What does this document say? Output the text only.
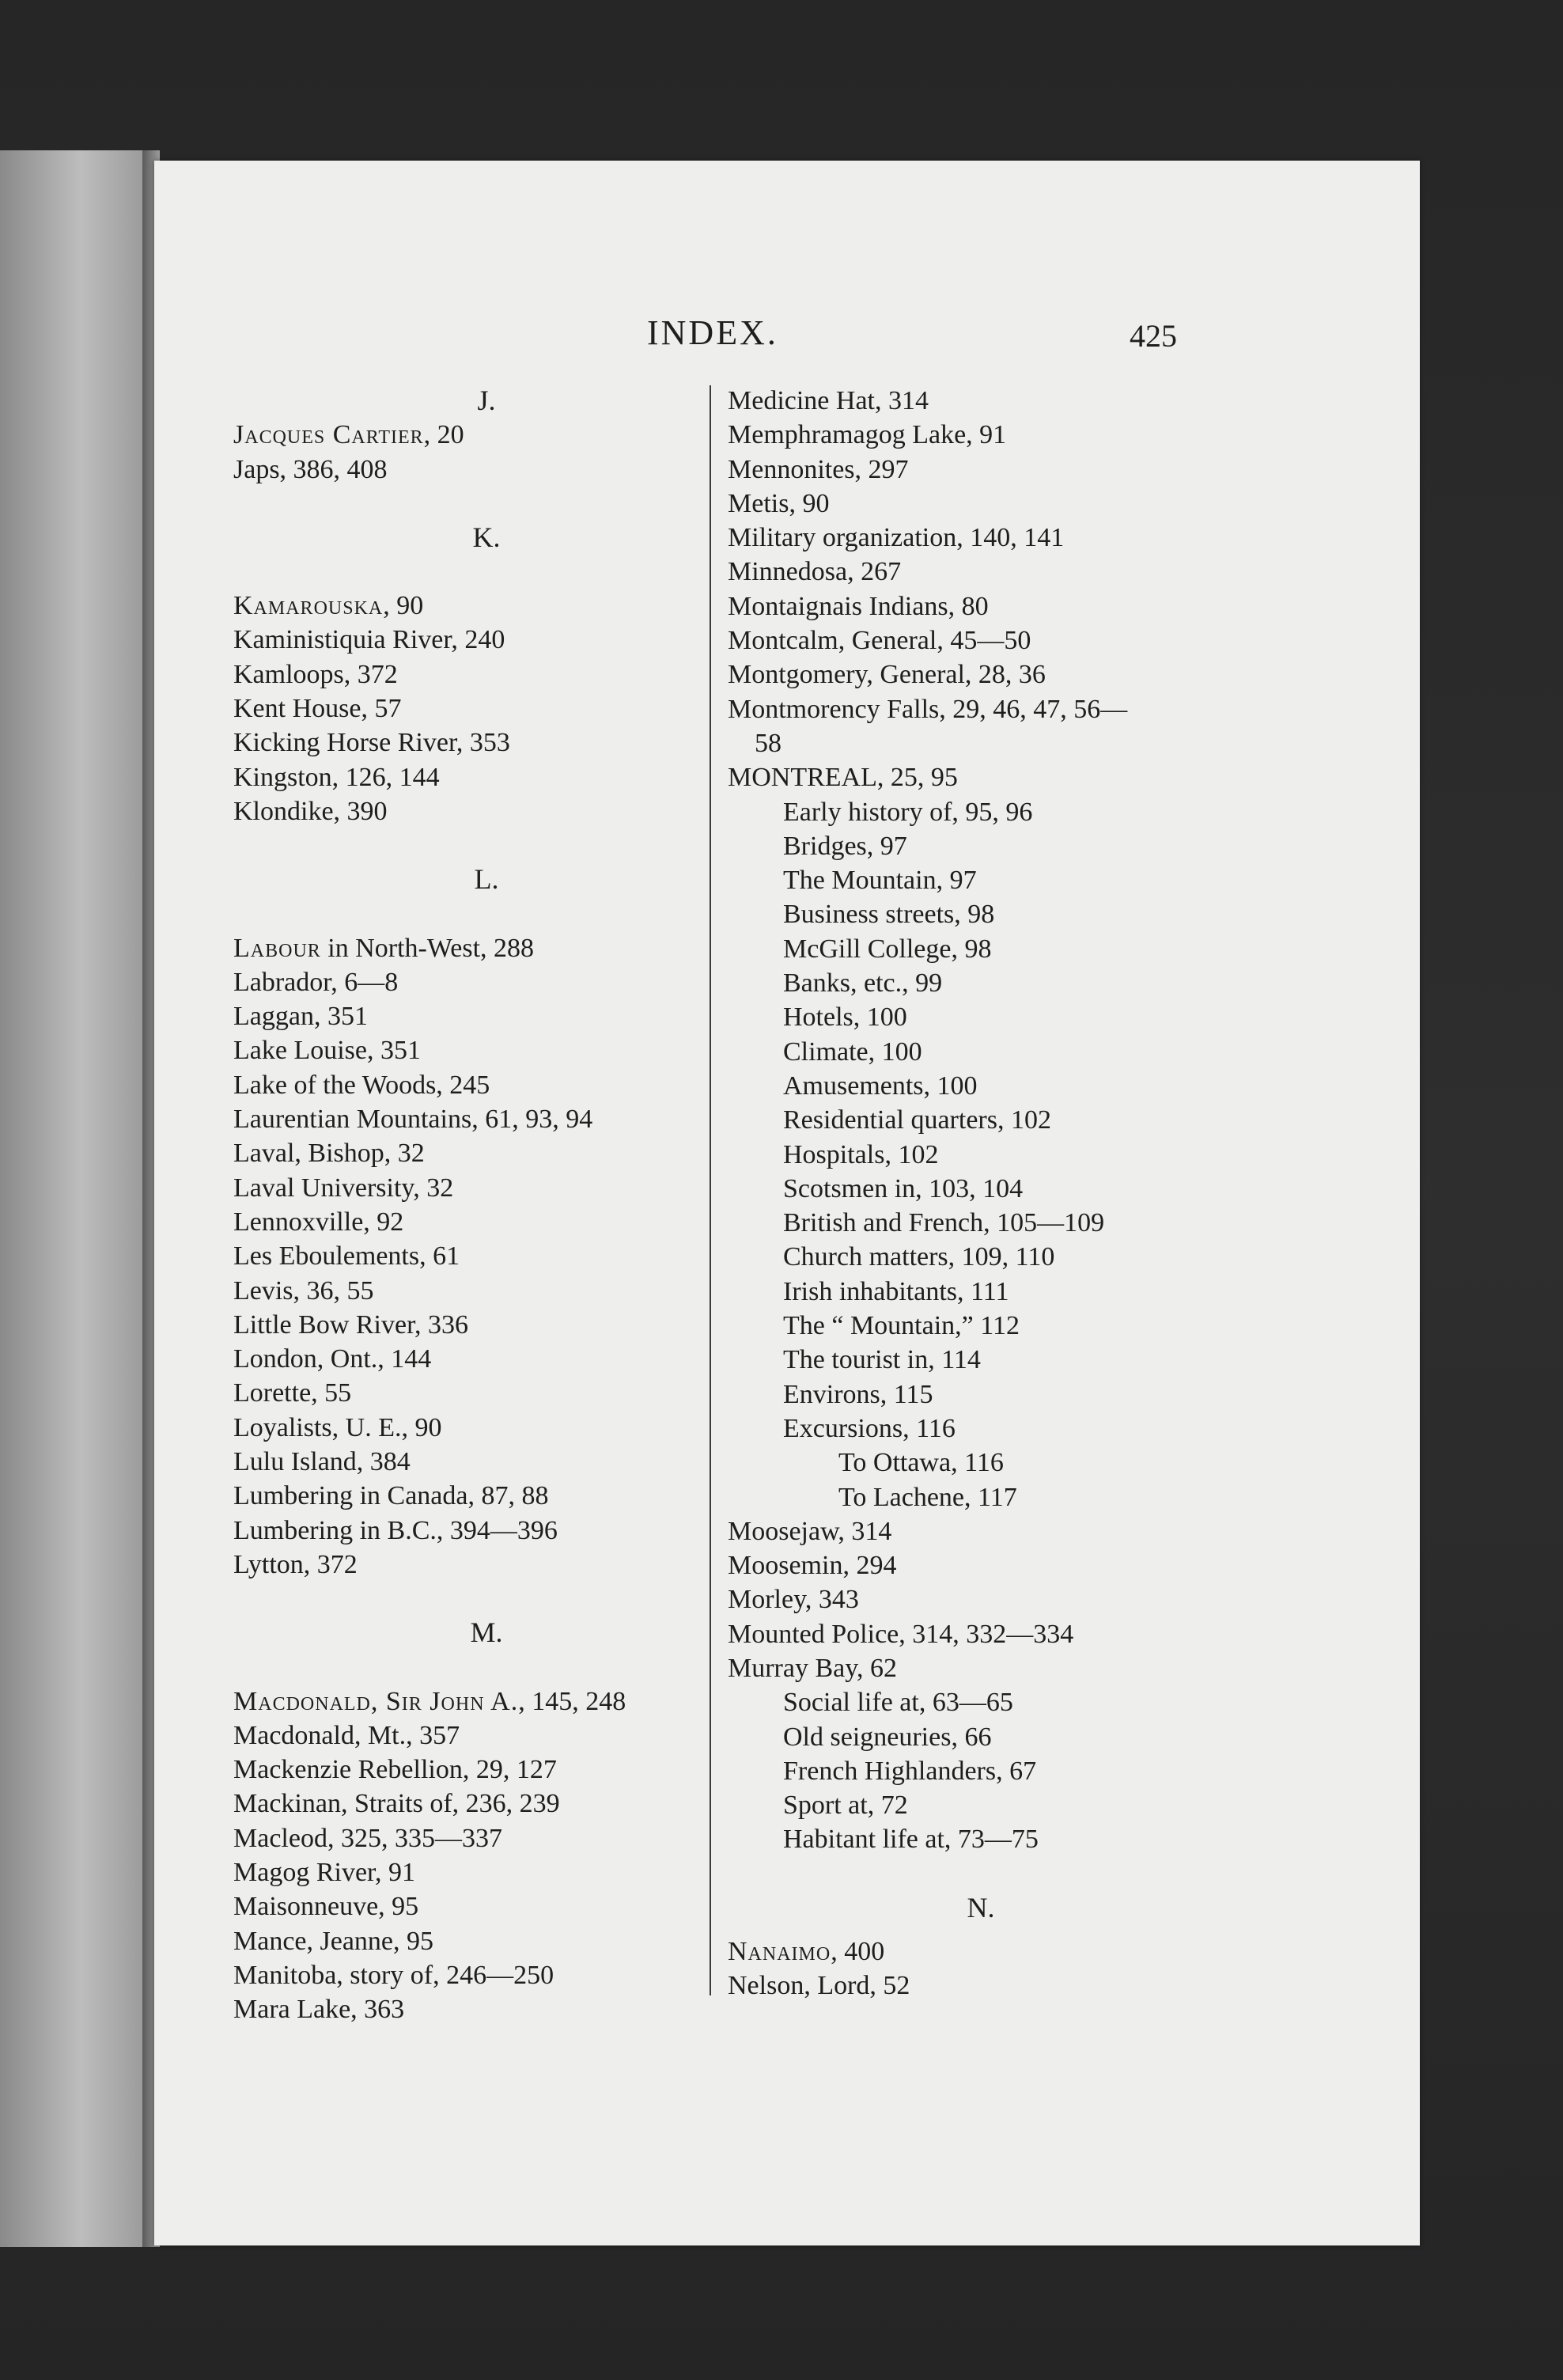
INDEX.	425
J.
Jacques Cartier, 20
Japs, 386, 408
K.
Kamarouska, 90
Kaministiquia River, 240
Kamloops, 372
Kent House, 57
Kicking Horse River, 353
Kingston, 126, 144
Klondike, 390
L.
Labour in North-West, 288
Labrador, 6—8
Laggan, 351
Lake Louise, 351
Lake of the Woods, 245
Laurentian Mountains, 61, 93, 94
Laval, Bishop, 32
Laval University, 32
Lennoxville, 92
Les Eboulements, 61
Levis, 36, 55
Little Bow River, 336
London, Ont., 144
Lorette, 55
Loyalists, U. E., 90
Lulu Island, 384
Lumbering in Canada, 87, 88
Lumbering in B.C., 394—396
Lytton, 372
M.
Macdonald, Sir John A., 145, 248
Macdonald, Mt., 357
Mackenzie Rebellion, 29, 127
Mackinan, Straits of, 236, 239
Macleod, 325, 335—337
Magog River, 91
Maisonneuve, 95
Mance, Jeanne, 95
Manitoba, story of, 246—250
Mara Lake, 363
Medicine Hat, 314
Memphramagog Lake, 91
Mennonites, 297
Metis, 90
Military organization, 140, 141
Minnedosa, 267
Montaignais Indians, 80
Montcalm, General, 45—50
Montgomery, General, 28, 36
Montmorency Falls, 29, 46, 47, 56—
58
MONTREAL, 25, 95
Early history of, 95, 96
Bridges, 97
The Mountain, 97
Business streets, 98
McGill College, 98
Banks, etc., 99
Hotels, 100
Climate, 100
Amusements, 100
Residential quarters, 102
Hospitals, 102
Scotsmen in, 103, 104
British and French, 105—109
Church matters, 109, 110
Irish inhabitants, 111
The “ Mountain,” 112
The tourist in, 114
Environs, 115
Excursions, 116
To Ottawa, 116
To Lachene, 117
Moosejaw, 314
Moosemin, 294
Morley, 343
Mounted Police, 314, 332—334
Murray Bay, 62
Social life at, 63—65
Old seigneuries, 66
French Highlanders, 67
Sport at, 72
Habitant life at, 73—75
N.
Nanaimo, 400
Nelson, Lord, 52
